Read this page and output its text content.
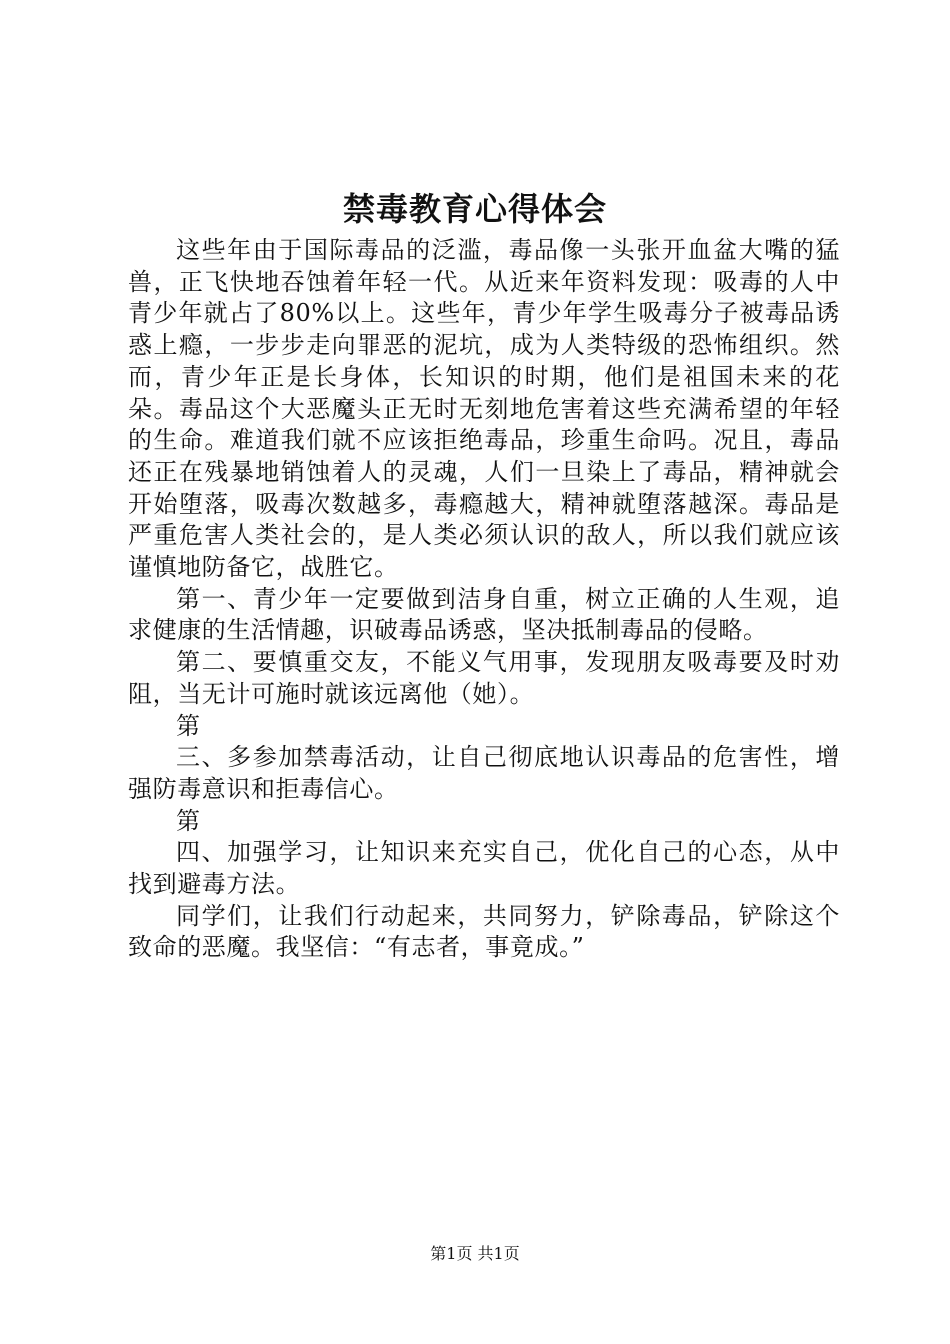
禁毒教育心得体会

这些年由于国际毒品的泛滥，毒品像一头张开血盆大嘴的猛兽，正飞快地吞蚀着年轻一代。从近来年资料发现：吸毒的人中青少年就占了80%以上。这些年，青少年学生吸毒分子被毒品诱惑上瘾，一步步走向罪恶的泥坑，成为人类特级的恐怖组织。然而，青少年正是长身体，长知识的时期，他们是祖国未来的花朵。毒品这个大恶魔头正无时无刻地危害着这些充满希望的年轻的生命。难道我们就不应该拒绝毒品，珍重生命吗。况且，毒品还正在残暴地销蚀着人的灵魂，人们一旦染上了毒品，精神就会开始堕落，吸毒次数越多，毒瘾越大，精神就堕落越深。毒品是严重危害人类社会的，是人类必须认识的敌人，所以我们就应该谨慎地防备它，战胜它。

第一、青少年一定要做到洁身自重，树立正确的人生观，追求健康的生活情趣，识破毒品诱惑，坚决抵制毒品的侵略。

第二、要慎重交友，不能义气用事，发现朋友吸毒要及时劝阻，当无计可施时就该远离他（她）。

第

三、多参加禁毒活动，让自己彻底地认识毒品的危害性，增强防毒意识和拒毒信心。

第

四、加强学习，让知识来充实自己，优化自己的心态，从中找到避毒方法。

同学们，让我们行动起来，共同努力，铲除毒品，铲除这个致命的恶魔。我坚信：“有志者，事竟成。”

第1页 共1页
